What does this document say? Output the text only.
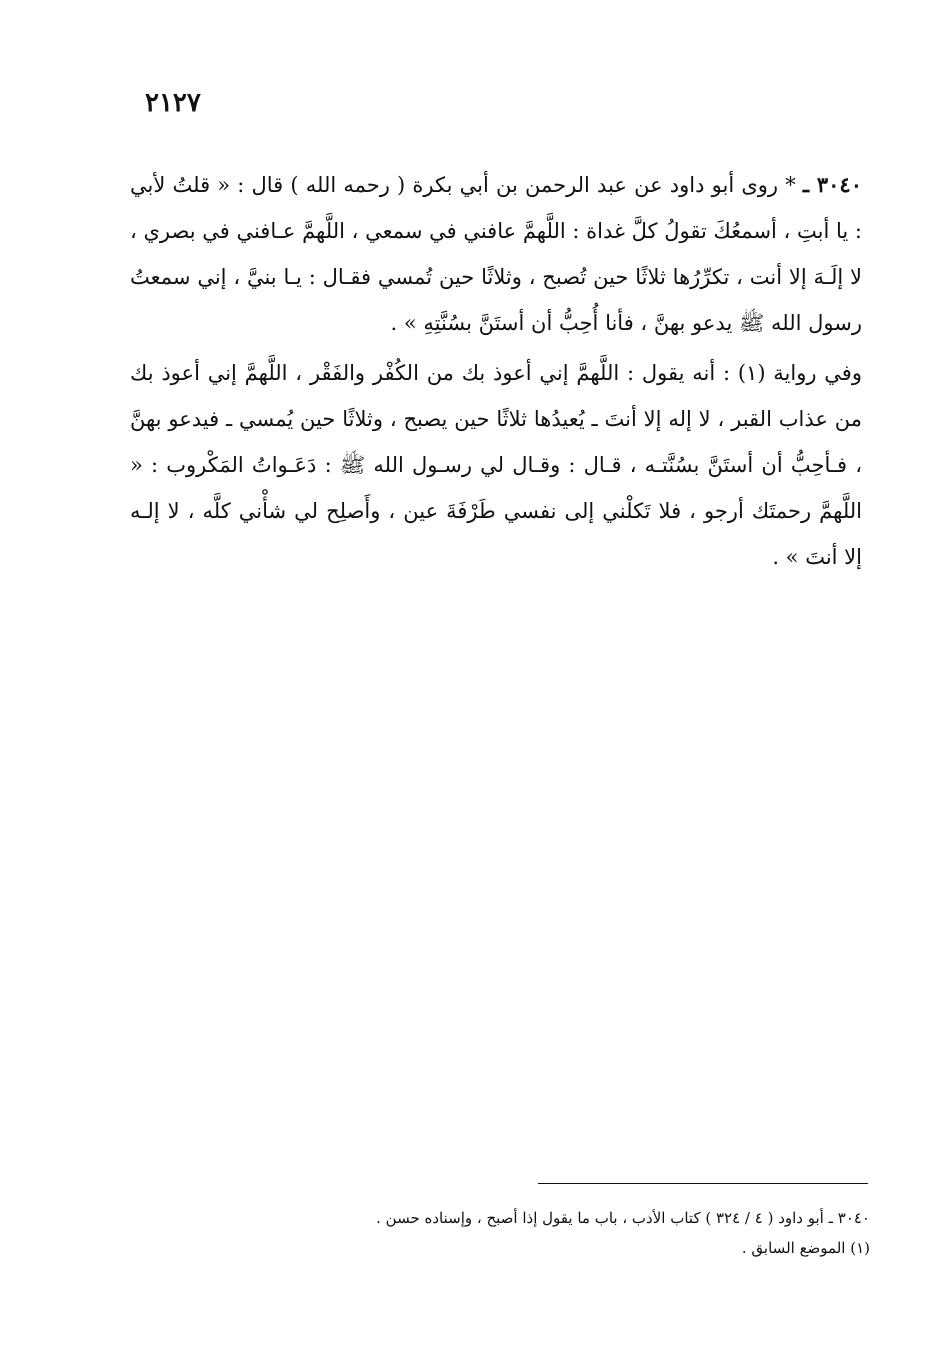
٢١٢٧
٣٠٤٠ ـ * روى أبو داود عن عبد الرحمن بن أبي بكرة ( رحمه الله ) قال : « قلتُ لأبي : يا أبتِ ، أسمعُكَ تقولُ كلَّ غداة : اللَّهمَّ عافني في سمعي ، اللَّهمَّ عـافني في بصري ، لا إلَـهَ إلا أنت ، تكرِّرُها ثلاثًا حين تُصبح ، وثلاثًا حين تُمسي فقـال : يـا بنيَّ ، إني سمعتُ رسول الله ﷺ يدعو بهنَّ ، فأنا أُحِبُّ أن أستَنَّ بسُنَّتِهِ » .
وفي رواية (١) : أنه يقول : اللَّهمَّ إني أعوذ بك من الكُفْر والفَقْر ، اللَّهمَّ إني أعوذ بك من عذاب القبر ، لا إله إلا أنتَ ـ يُعيدُها ثلاثًا حين يصبح ، وثلاثًا حين يُمسي ـ فيدعو بهنَّ ، فـأحِبُّ أن أستَنَّ بسُنَّتـه ، قـال : وقـال لي رسـول الله ﷺ : دَعَـواتُ المَكْروب : « اللَّهمَّ رحمتَك أرجو ، فلا تَكلْني إلى نفسي طَرْفَةَ عين ، وأَصلِح لي شأْني كلَّه ، لا إلـه إلا أنتَ » .

٣٠٤٠ ـ أبو داود ( ٤ / ٣٢٤ ) كتاب الأدب ، باب ما يقول إذا أصبح ، وإسناده حسن .

(١) الموضع السابق .
